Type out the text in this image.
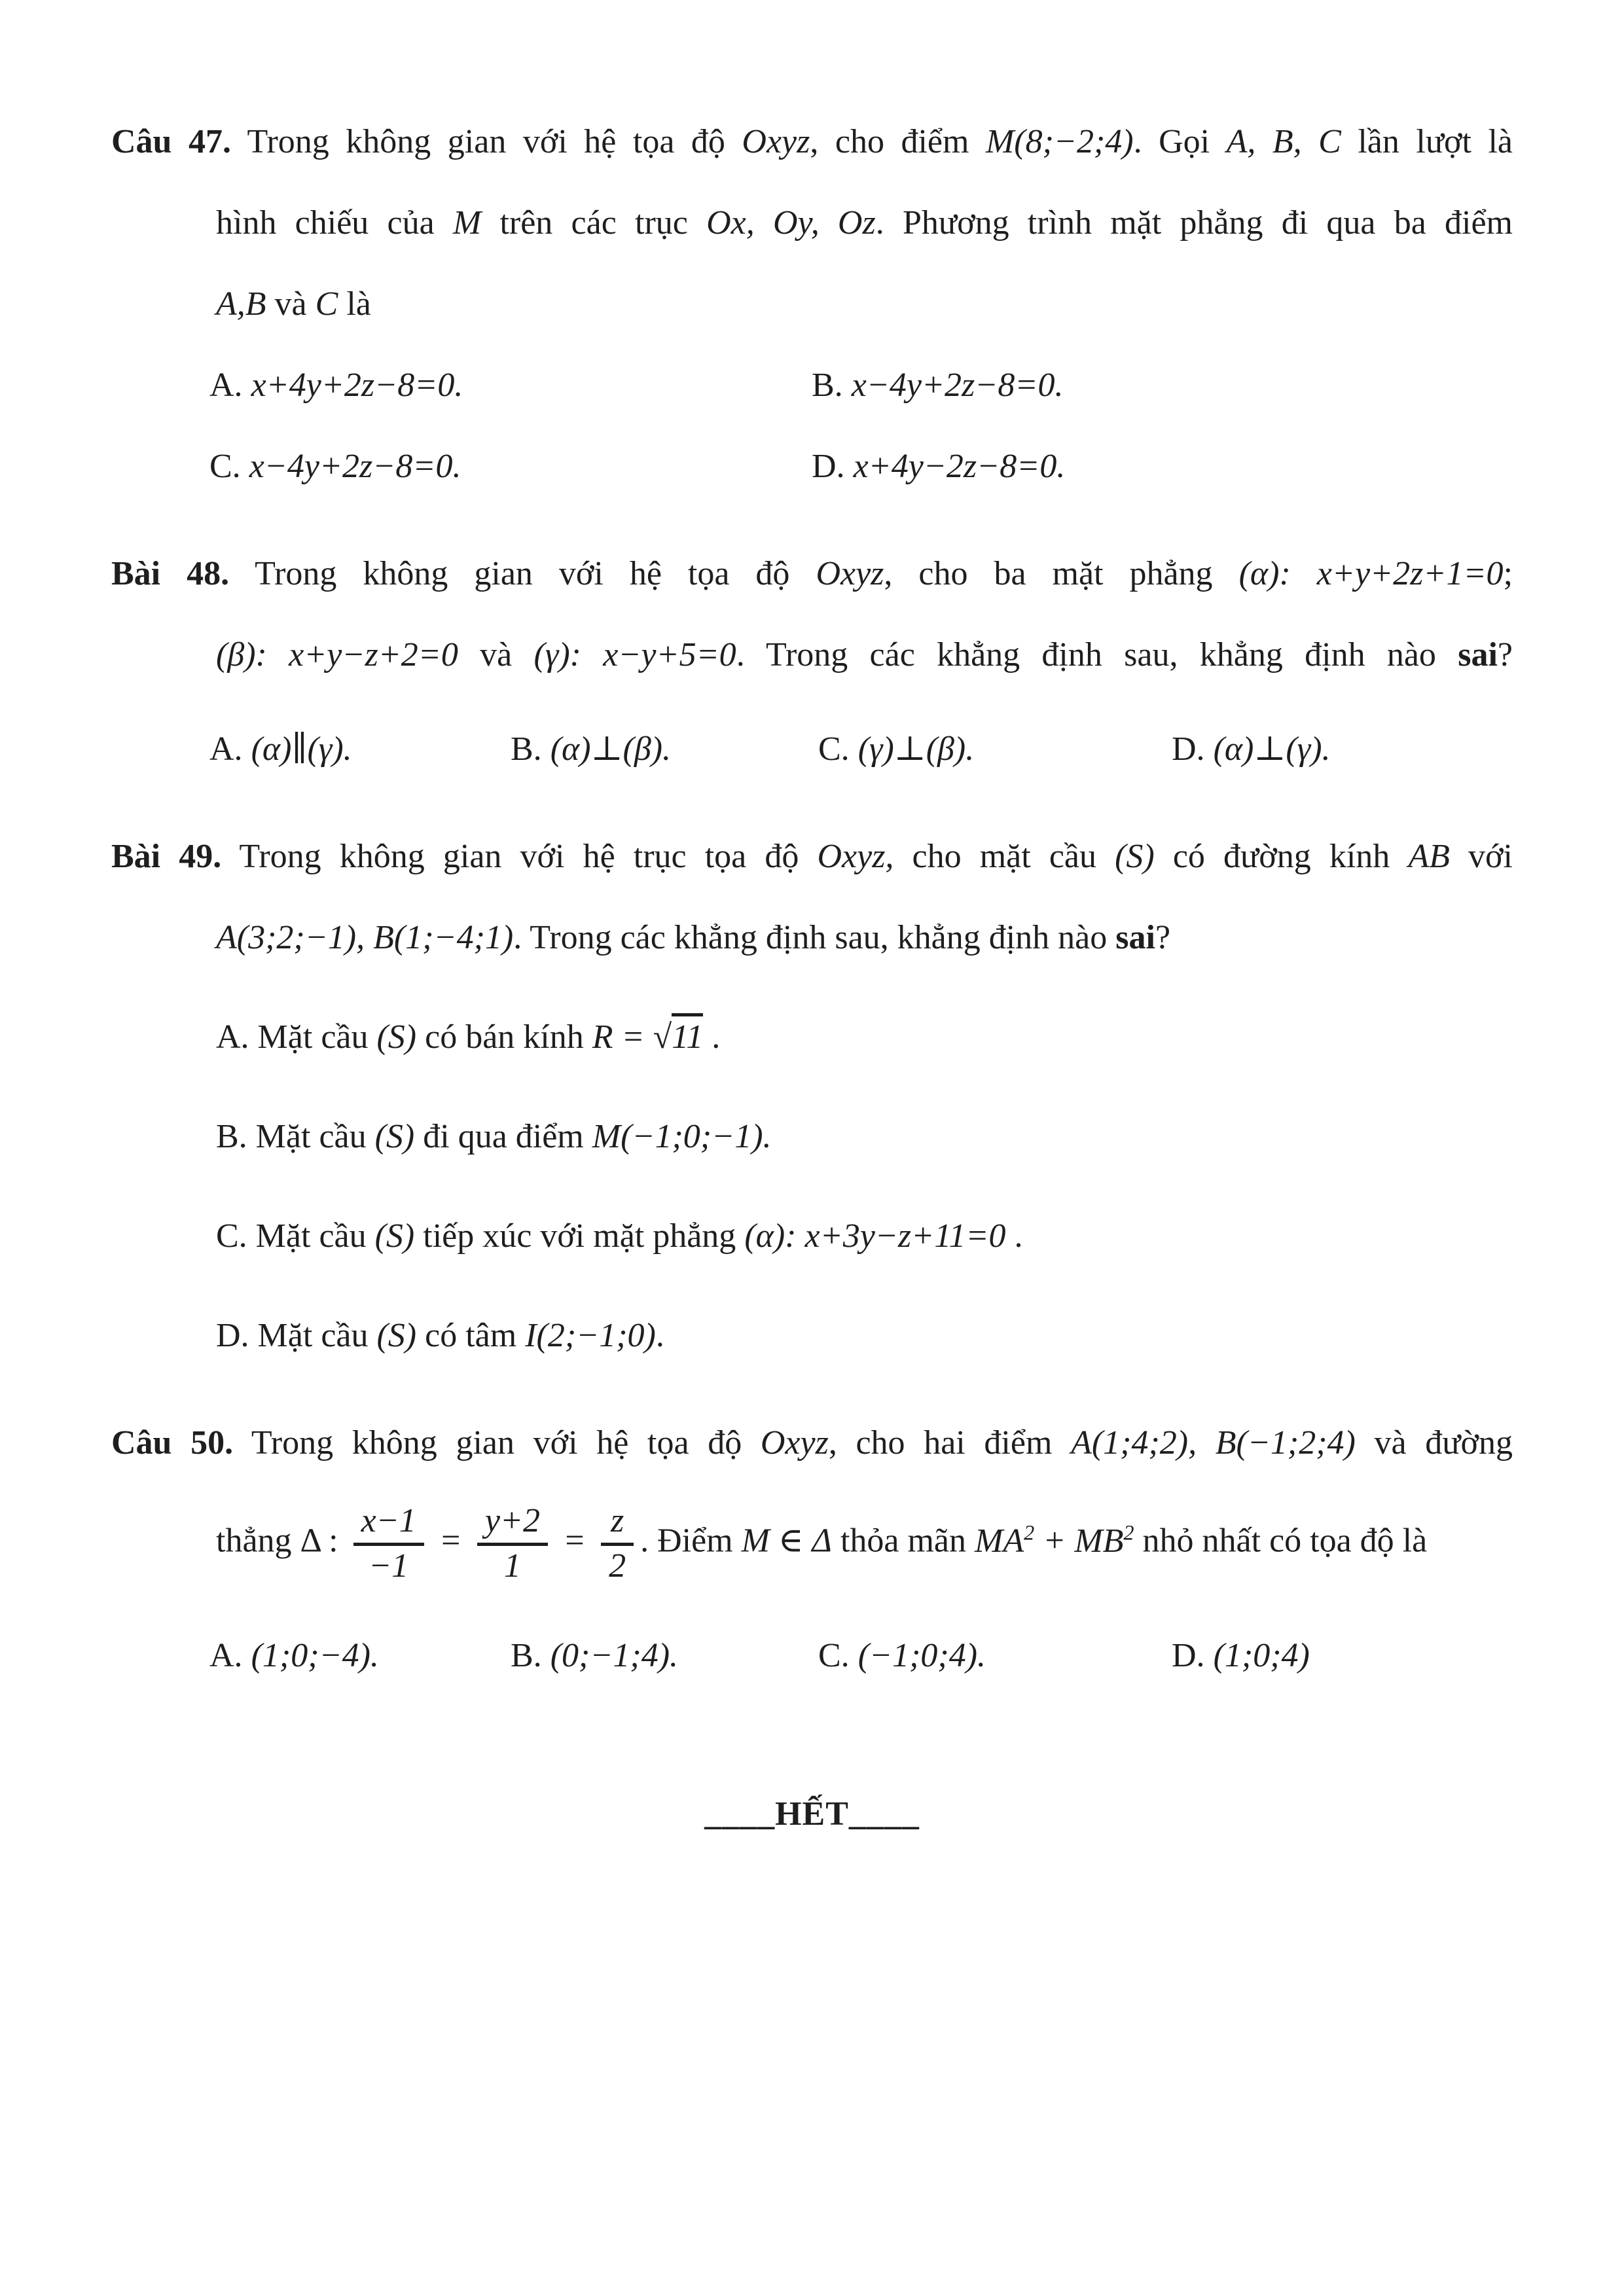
Câu 47. Trong không gian với hệ tọa độ Oxyz, cho điểm M(8;−2;4). Gọi A, B, C lần lượt là
hình chiếu của M trên các trục Ox, Oy, Oz. Phương trình mặt phẳng đi qua ba điểm
A,B và C là
A. x+4y+2z−8=0.	B. x−4y+2z−8=0.
C. x−4y+2z−8=0.	D. x+4y−2z−8=0.
Bài 48. Trong không gian với hệ tọa độ Oxyz, cho ba mặt phẳng (α): x+y+2z+1=0;
(β): x+y−z+2=0 và (γ): x−y+5=0. Trong các khẳng định sau, khẳng định nào sai?
A. (α)∥(γ).	B. (α)⊥(β).	C. (γ)⊥(β).	D. (α)⊥(γ).
Bài 49. Trong không gian với hệ trục tọa độ Oxyz, cho mặt cầu (S) có đường kính AB với
A(3;2;−1), B(1;−4;1). Trong các khẳng định sau, khẳng định nào sai?
A. Mặt cầu (S) có bán kính R = √11 .
B. Mặt cầu (S) đi qua điểm M(−1;0;−1).
C. Mặt cầu (S) tiếp xúc với mặt phẳng (α): x+3y−z+11=0 .
D. Mặt cầu (S) có tâm I(2;−1;0).
Câu 50. Trong không gian với hệ tọa độ Oxyz, cho hai điểm A(1;4;2), B(−1;2;4) và đường
thẳng Δ : $\frac{x-1}{-1} = \frac{y+2}{1} = \frac{z}{2}$ . Điểm M ∈ Δ thỏa mãn $MA^2 + MB^2$ nhỏ nhất có tọa độ là
A. (1;0;−4).	B. (0;−1;4).	C. (−1;0;4).	D. (1;0;4)
____HẾT____
